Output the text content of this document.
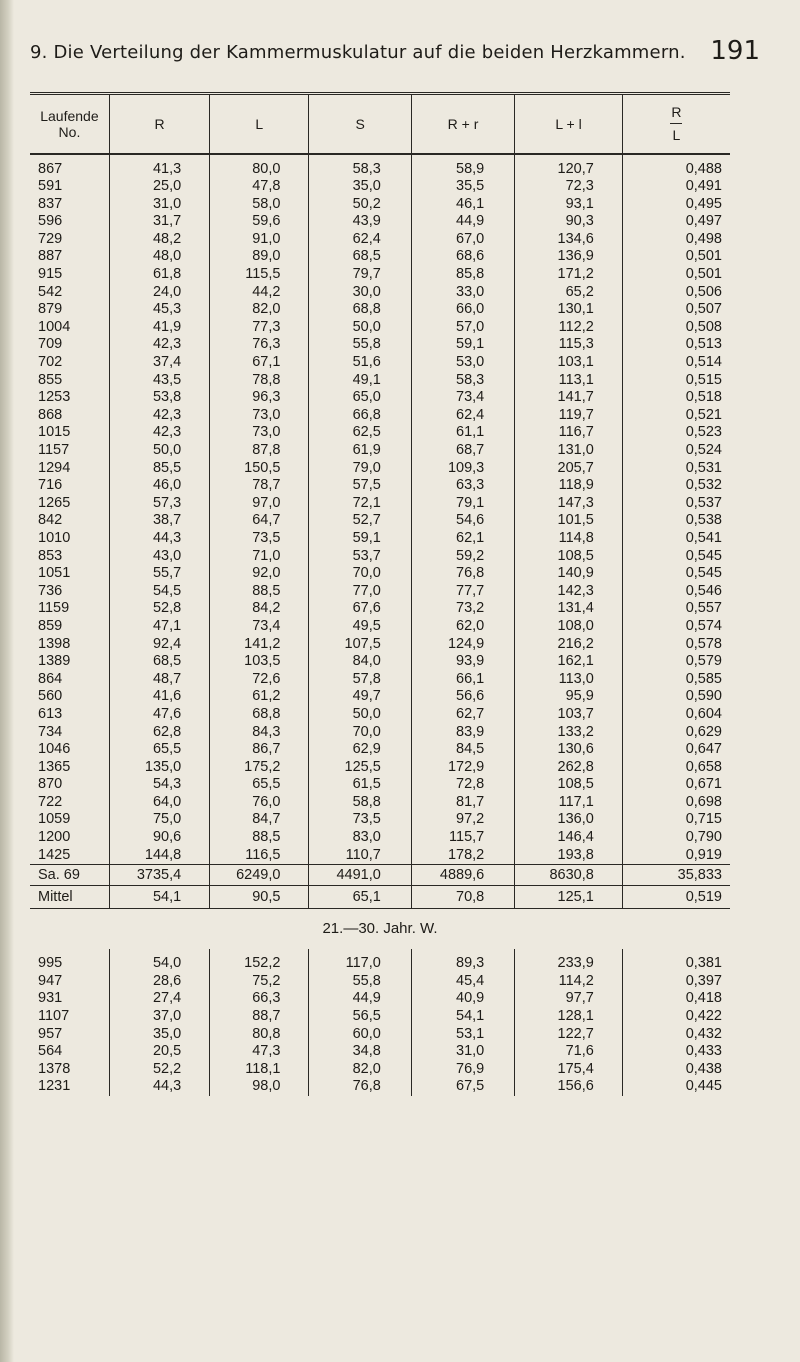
9. Die Verteilung der Kammermuskulatur auf die beiden Herzkammern. 191
Laufende
No.	R	L	S	R + r	L + l	$\frac{R}{L}$

867	41,3	80,0	58,3	58,9	120,7	0,488
591	25,0	47,8	35,0	35,5	72,3	0,491
837	31,0	58,0	50,2	46,1	93,1	0,495
596	31,7	59,6	43,9	44,9	90,3	0,497
729	48,2	91,0	62,4	67,0	134,6	0,498
887	48,0	89,0	68,5	68,6	136,9	0,501
915	61,8	115,5	79,7	85,8	171,2	0,501
542	24,0	44,2	30,0	33,0	65,2	0,506
879	45,3	82,0	68,8	66,0	130,1	0,507
1004	41,9	77,3	50,0	57,0	112,2	0,508
709	42,3	76,3	55,8	59,1	115,3	0,513
702	37,4	67,1	51,6	53,0	103,1	0,514
855	43,5	78,8	49,1	58,3	113,1	0,515
1253	53,8	96,3	65,0	73,4	141,7	0,518
868	42,3	73,0	66,8	62,4	119,7	0,521
1015	42,3	73,0	62,5	61,1	116,7	0,523
1157	50,0	87,8	61,9	68,7	131,0	0,524
1294	85,5	150,5	79,0	109,3	205,7	0,531
716	46,0	78,7	57,5	63,3	118,9	0,532
1265	57,3	97,0	72,1	79,1	147,3	0,537
842	38,7	64,7	52,7	54,6	101,5	0,538
1010	44,3	73,5	59,1	62,1	114,8	0,541
853	43,0	71,0	53,7	59,2	108,5	0,545
1051	55,7	92,0	70,0	76,8	140,9	0,545
736	54,5	88,5	77,0	77,7	142,3	0,546
1159	52,8	84,2	67,6	73,2	131,4	0,557
859	47,1	73,4	49,5	62,0	108,0	0,574
1398	92,4	141,2	107,5	124,9	216,2	0,578
1389	68,5	103,5	84,0	93,9	162,1	0,579
864	48,7	72,6	57,8	66,1	113,0	0,585
560	41,6	61,2	49,7	56,6	95,9	0,590
613	47,6	68,8	50,0	62,7	103,7	0,604
734	62,8	84,3	70,0	83,9	133,2	0,629
1046	65,5	86,7	62,9	84,5	130,6	0,647
1365	135,0	175,2	125,5	172,9	262,8	0,658
870	54,3	65,5	61,5	72,8	108,5	0,671
722	64,0	76,0	58,8	81,7	117,1	0,698
1059	75,0	84,7	73,5	97,2	136,0	0,715
1200	90,6	88,5	83,0	115,7	146,4	0,790
1425	144,8	116,5	110,7	178,2	193,8	0,919
Sa. 69	3735,4	6249,0	4491,0	4889,6	8630,8	35,833
Mittel	54,1	90,5	65,1	70,8	125,1	0,519
21.—30. Jahr. W.						

995	54,0	152,2	117,0	89,3	233,9	0,381
947	28,6	75,2	55,8	45,4	114,2	0,397
931	27,4	66,3	44,9	40,9	97,7	0,418
1107	37,0	88,7	56,5	54,1	128,1	0,422
957	35,0	80,8	60,0	53,1	122,7	0,432
564	20,5	47,3	34,8	31,0	71,6	0,433
1378	52,2	118,1	82,0	76,9	175,4	0,438
1231	44,3	98,0	76,8	67,5	156,6	0,445
